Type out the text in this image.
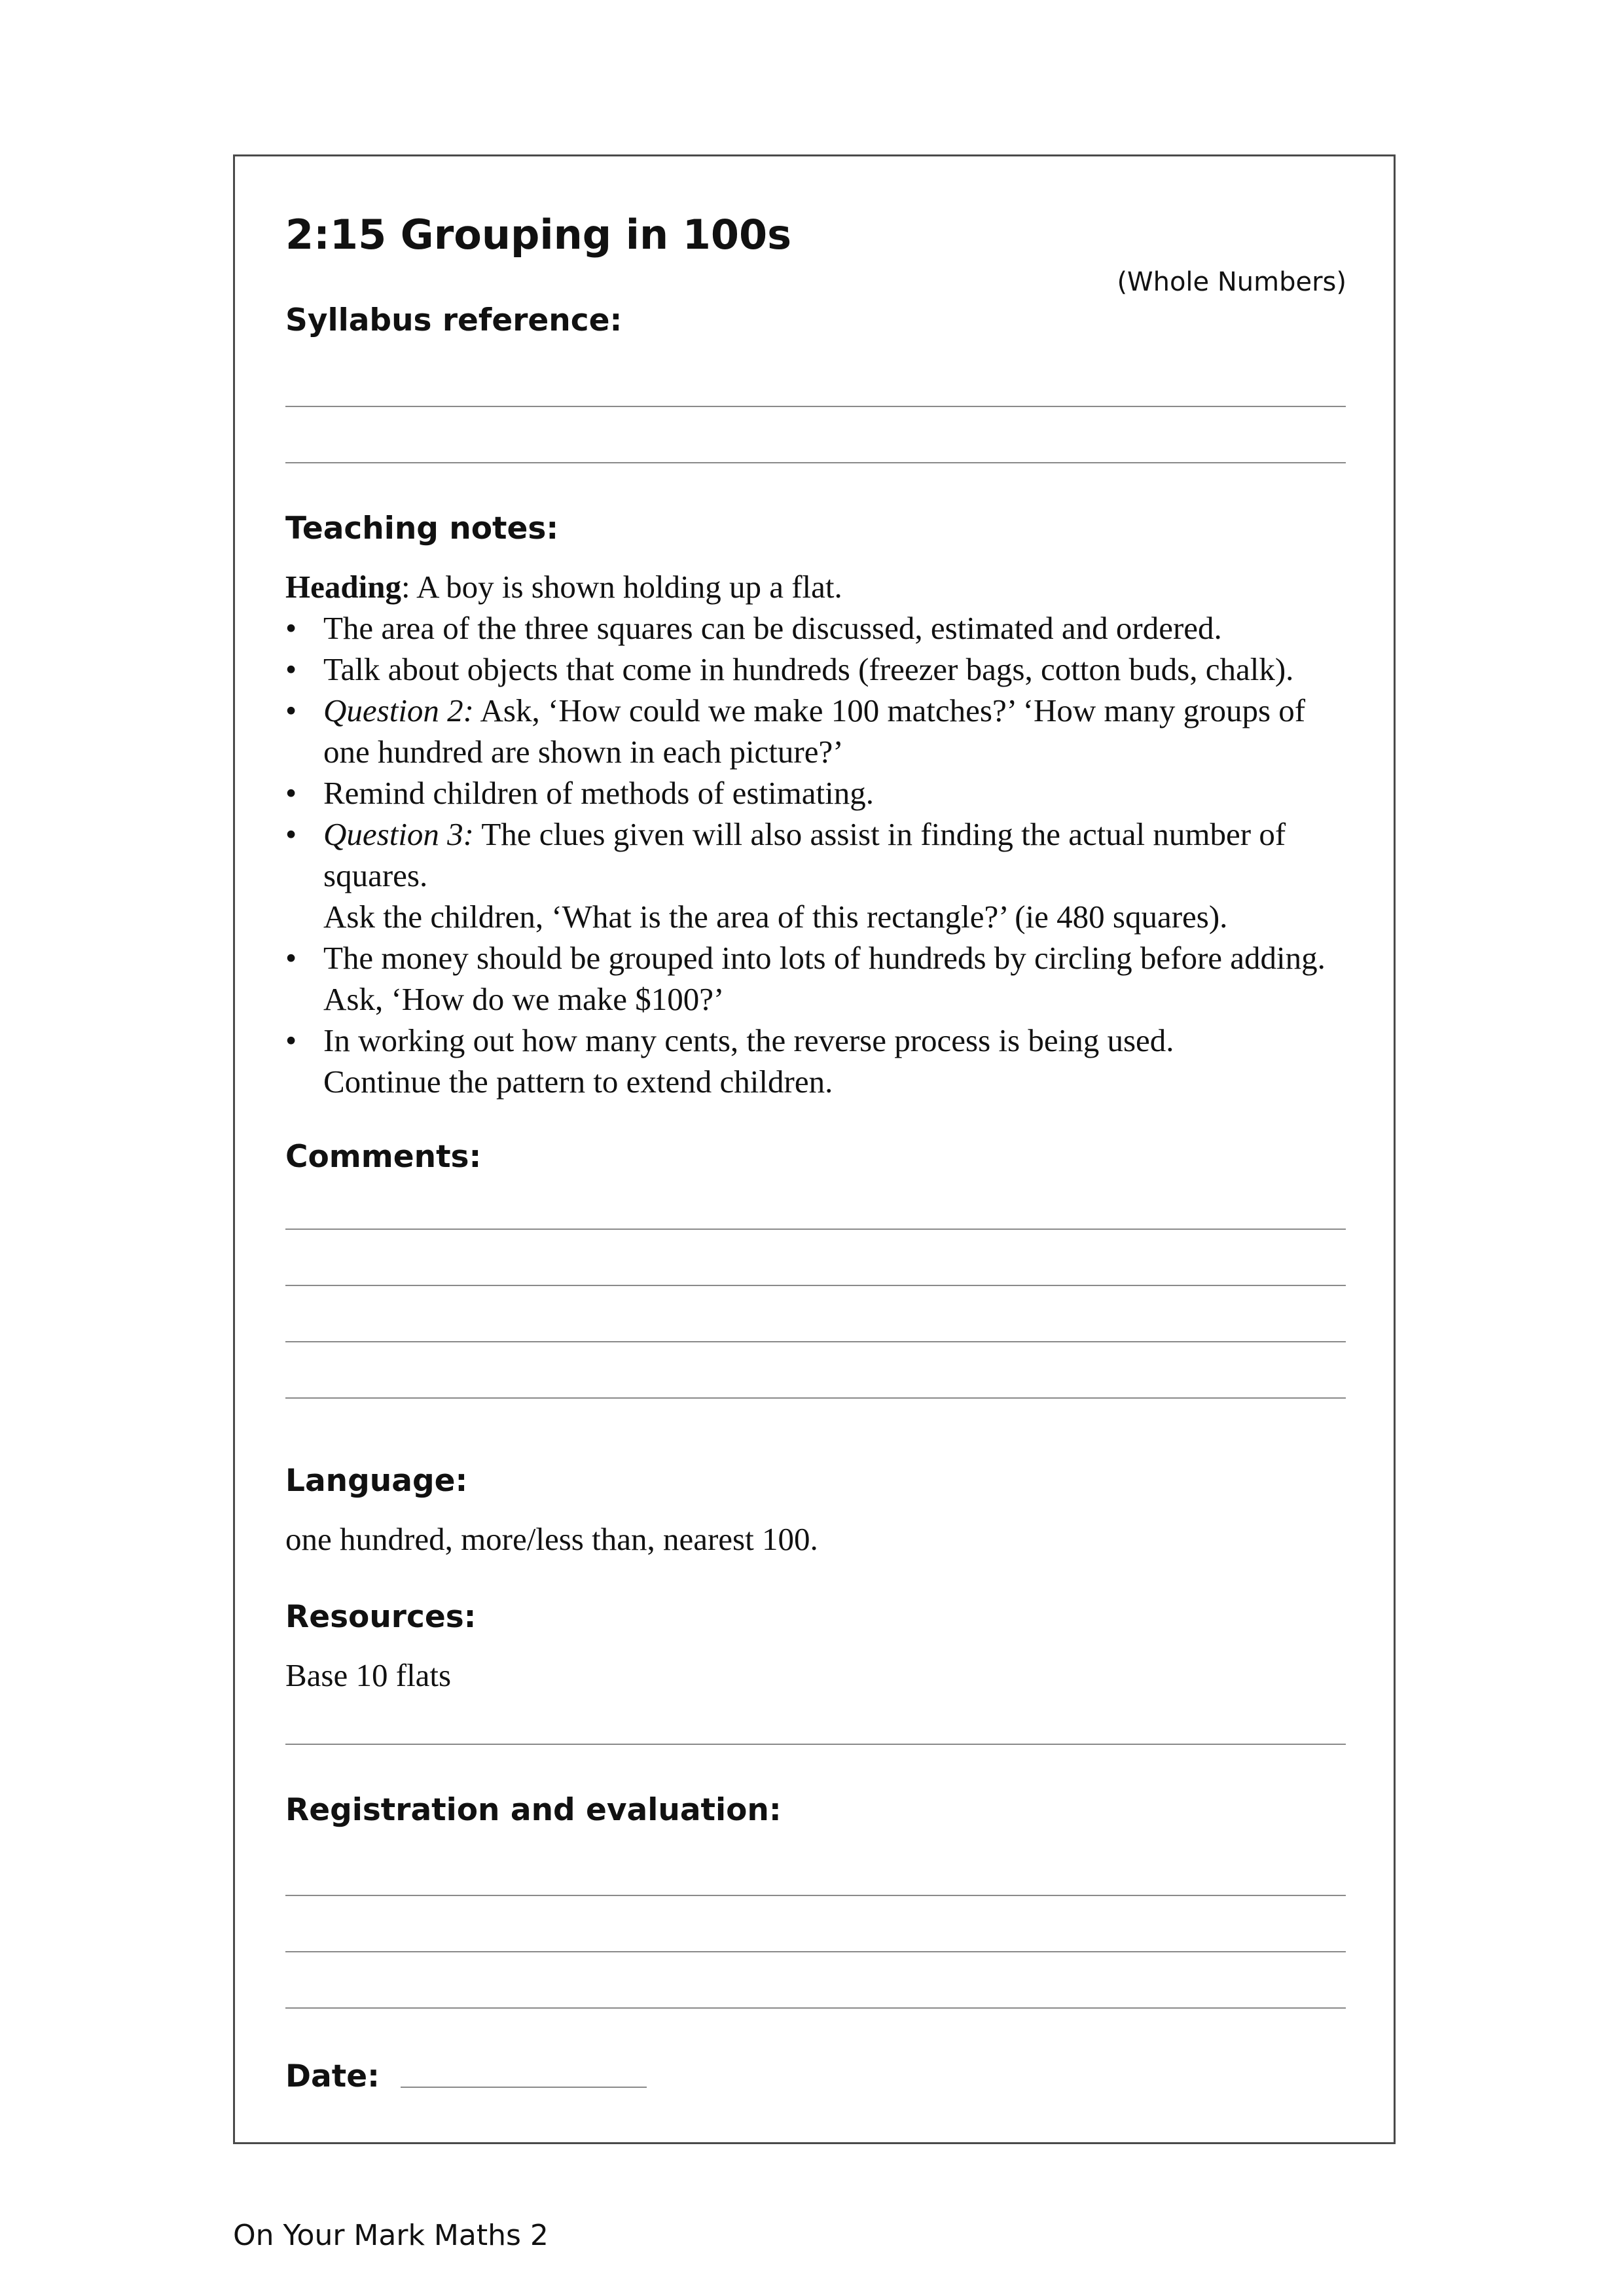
2:15 Grouping in 100s
(Whole Numbers)
Syllabus reference:
Teaching notes:

Heading: A boy is shown holding up a flat.

• The area of the three squares can be discussed, estimated and ordered.
• Talk about objects that come in hundreds (freezer bags, cotton buds, chalk).
• Question 2: Ask, ‘How could we make 100 matches?’ ‘How many groups of one hundred are shown in each picture?’
• Remind children of methods of estimating.
• Question 3: The clues given will also assist in finding the actual number of squares.
Ask the children, ‘What is the area of this rectangle?’ (ie 480 squares).
• The money should be grouped into lots of hundreds by circling before adding. Ask, ‘How do we make $100?’
• In working out how many cents, the reverse process is being used.
Continue the pattern to extend children.
Comments:
Language:
one hundred, more/less than, nearest 100.
Resources:
Base 10 flats
Registration and evaluation:
Date:
On Your Mark Maths 2
